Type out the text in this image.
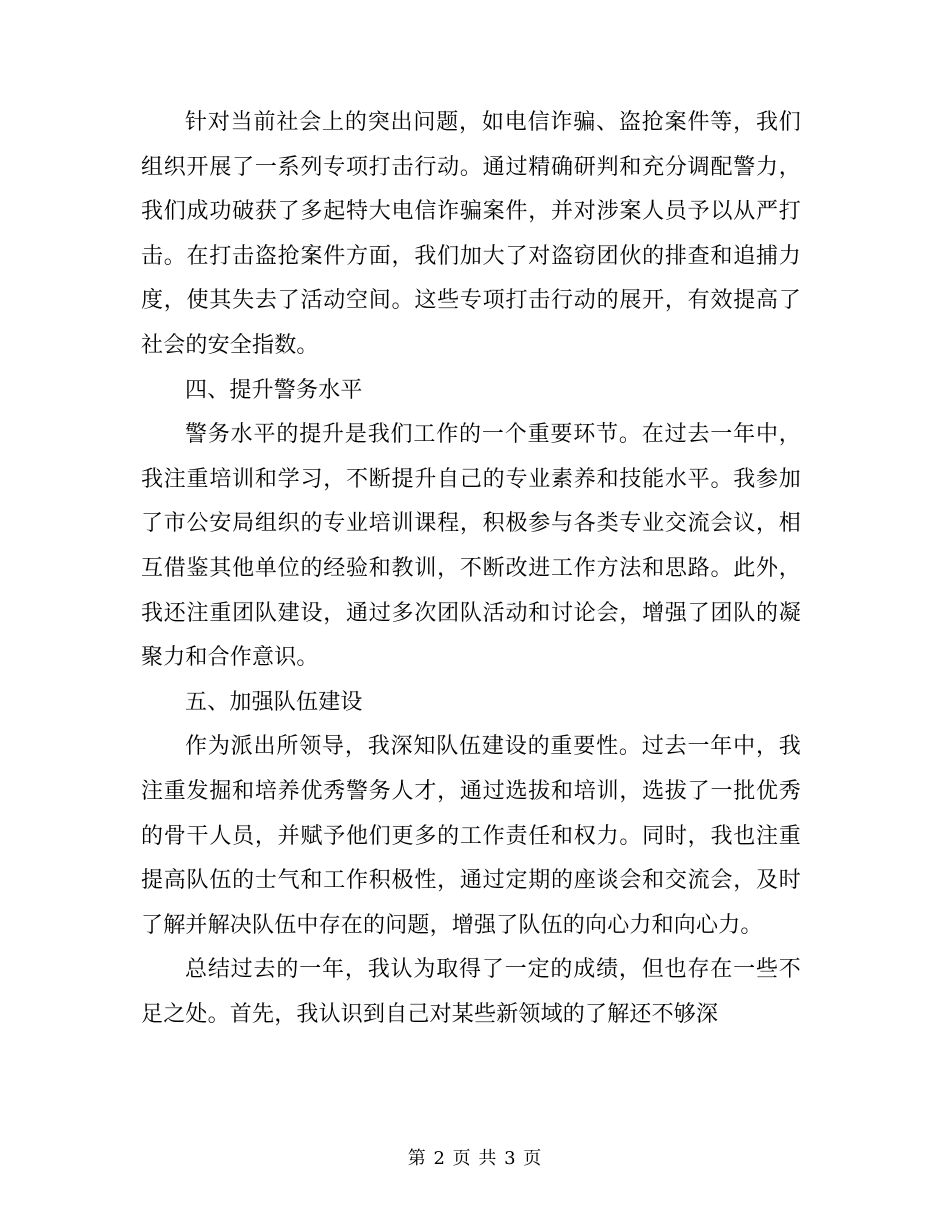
针对当前社会上的突出问题，如电信诈骗、盗抢案件等，我们组织开展了一系列专项打击行动。通过精确研判和充分调配警力，我们成功破获了多起特大电信诈骗案件，并对涉案人员予以从严打击。在打击盗抢案件方面，我们加大了对盗窃团伙的排查和追捕力度，使其失去了活动空间。这些专项打击行动的展开，有效提高了社会的安全指数。

四、提升警务水平

警务水平的提升是我们工作的一个重要环节。在过去一年中，我注重培训和学习，不断提升自己的专业素养和技能水平。我参加了市公安局组织的专业培训课程，积极参与各类专业交流会议，相互借鉴其他单位的经验和教训，不断改进工作方法和思路。此外，我还注重团队建设，通过多次团队活动和讨论会，增强了团队的凝聚力和合作意识。

五、加强队伍建设

作为派出所领导，我深知队伍建设的重要性。过去一年中，我注重发掘和培养优秀警务人才，通过选拔和培训，选拔了一批优秀的骨干人员，并赋予他们更多的工作责任和权力。同时，我也注重提高队伍的士气和工作积极性，通过定期的座谈会和交流会，及时了解并解决队伍中存在的问题，增强了队伍的向心力和向心力。

总结过去的一年，我认为取得了一定的成绩，但也存在一些不足之处。首先，我认识到自己对某些新领域的了解还不够深

第 2 页 共 3 页
